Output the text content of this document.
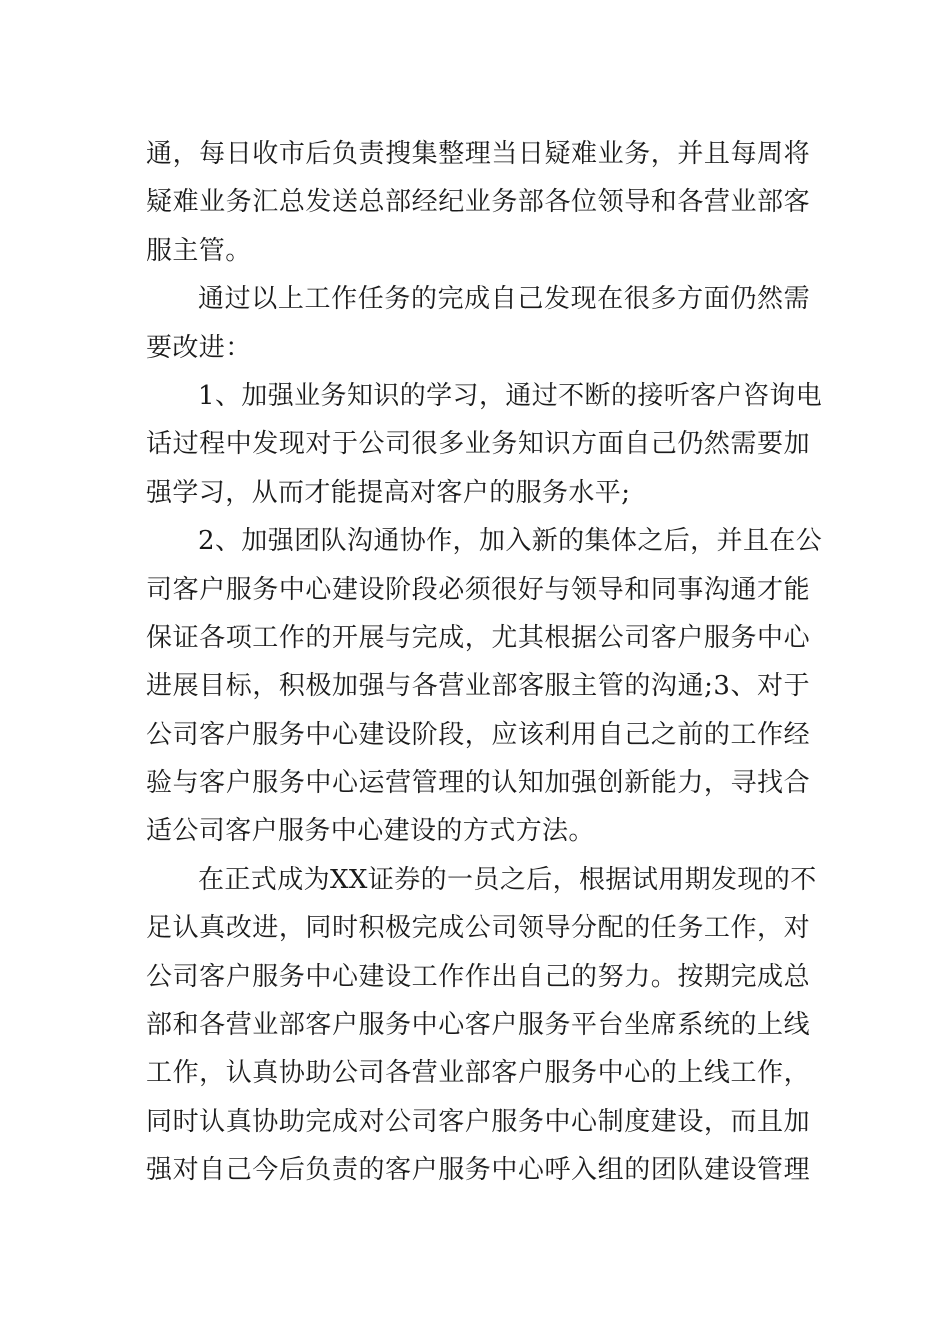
通，每日收市后负责搜集整理当日疑难业务，并且每周将
疑难业务汇总发送总部经纪业务部各位领导和各营业部客
服主管。
通过以上工作任务的完成自己发现在很多方面仍然需
要改进：
1、加强业务知识的学习，通过不断的接听客户咨询电
话过程中发现对于公司很多业务知识方面自己仍然需要加
强学习，从而才能提高对客户的服务水平;
2、加强团队沟通协作，加入新的集体之后，并且在公
司客户服务中心建设阶段必须很好与领导和同事沟通才能
保证各项工作的开展与完成，尤其根据公司客户服务中心
进展目标，积极加强与各营业部客服主管的沟通;3、对于
公司客户服务中心建设阶段，应该利用自己之前的工作经
验与客户服务中心运营管理的认知加强创新能力，寻找合
适公司客户服务中心建设的方式方法。
在正式成为XX证券的一员之后，根据试用期发现的不
足认真改进，同时积极完成公司领导分配的任务工作，对
公司客户服务中心建设工作作出自己的努力。按期完成总
部和各营业部客户服务中心客户服务平台坐席系统的上线
工作，认真协助公司各营业部客户服务中心的上线工作，
同时认真协助完成对公司客户服务中心制度建设，而且加
强对自己今后负责的客户服务中心呼入组的团队建设管理
